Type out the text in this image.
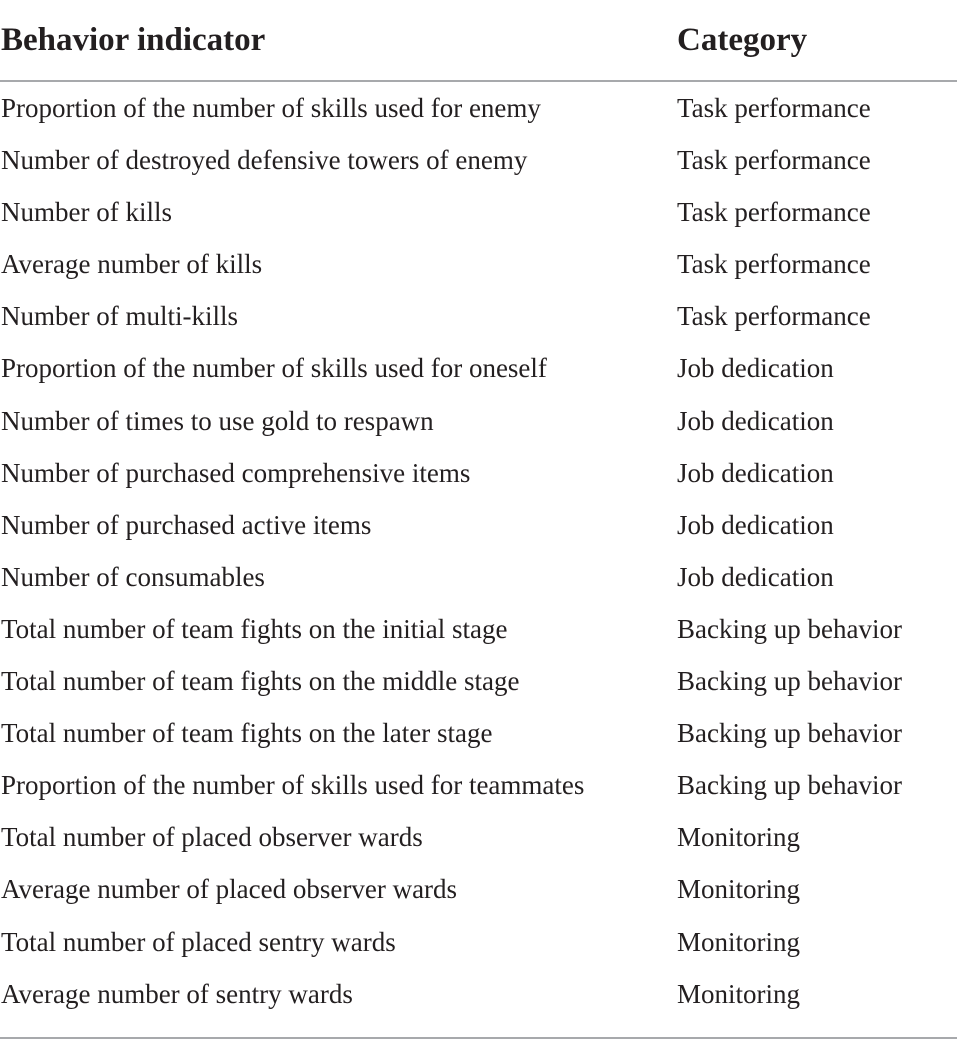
Behavior indicator	Category
Proportion of the number of skills used for enemy	Task performance
Number of destroyed defensive towers of enemy	Task performance
Number of kills	Task performance
Average number of kills	Task performance
Number of multi-kills	Task performance
Proportion of the number of skills used for oneself	Job dedication
Number of times to use gold to respawn	Job dedication
Number of purchased comprehensive items	Job dedication
Number of purchased active items	Job dedication
Number of consumables	Job dedication
Total number of team fights on the initial stage	Backing up behavior
Total number of team fights on the middle stage	Backing up behavior
Total number of team fights on the later stage	Backing up behavior
Proportion of the number of skills used for teammates	Backing up behavior
Total number of placed observer wards	Monitoring
Average number of placed observer wards	Monitoring
Total number of placed sentry wards	Monitoring
Average number of sentry wards	Monitoring
